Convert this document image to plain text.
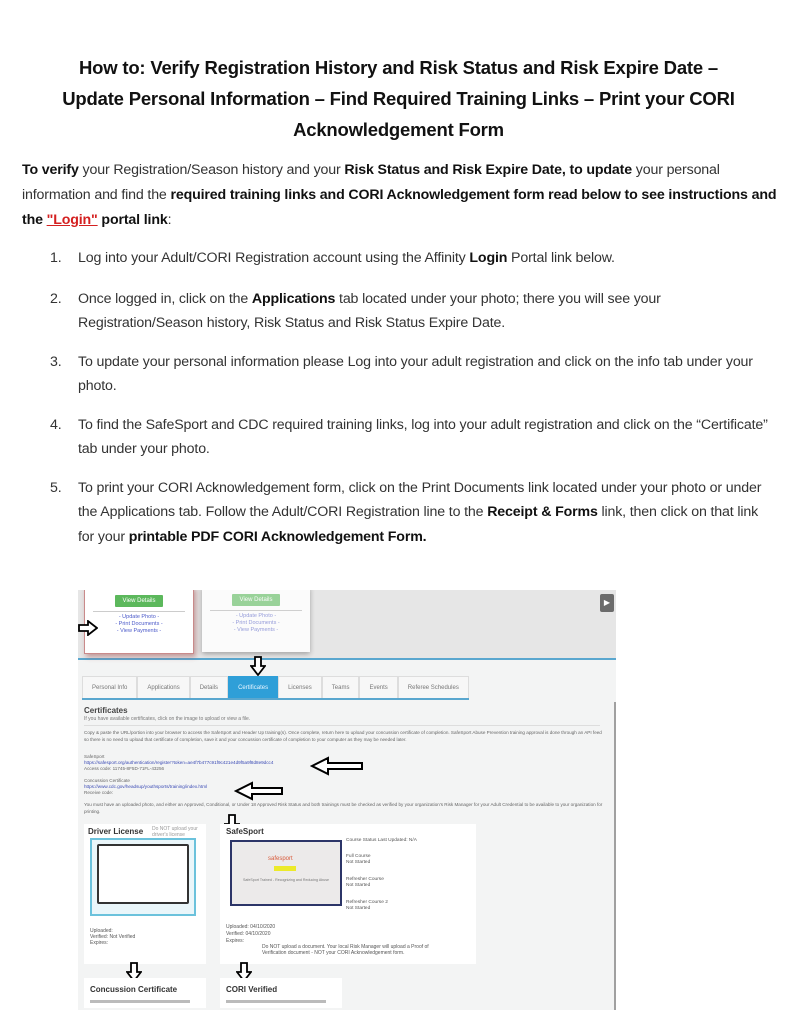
How to: Verify Registration History and Risk Status and Risk Expire Date –
Update Personal Information – Find Required Training Links – Print your CORI
Acknowledgement Form
To verify your Registration/Season history and your Risk Status and Risk Expire Date, to update your personal information and find the required training links and CORI Acknowledgement form read below to see instructions and the "Login" portal link:
1. Log into your Adult/CORI Registration account using the Affinity Login Portal link below.
2. Once logged in, click on the Applications tab located under your photo; there you will see your Registration/Season history, Risk Status and Risk Status Expire Date.
3. To update your personal information please Log into your adult registration and click on the info tab under your photo.
4. To find the SafeSport and CDC required training links, log into your adult registration and click on the “Certificate” tab under your photo.
5. To print your CORI Acknowledgement form, click on the Print Documents link located under your photo or under the Applications tab. Follow the Adult/CORI Registration line to the Receipt & Forms link, then click on that link for your printable PDF CORI Acknowledgement Form.
View Details
- Update Photo -
- Print Documents -
- View Payments -
View Details
- Update Photo -
- Print Documents -
- View Payments -
▶
Personal Info	Applications	Details	Certificates	Licenses	Teams	Events	Referee Schedules
Certificates
If you have available certificates, click on the image to upload or view a file.
Copy & paste the URL/portion into your browser to access the SafeSport and Header Up training(s). Once complete, return here to upload your concussion certificate of completion. SafeSport Abuse Prevention training approval is done through an API feed so there is no need to upload that certificate of completion, save it and your concussion certificate of completion to your computer as they may be needed later.
SafeSport
https://safesport.org/authentication/register?token=ae4f7b477c91f9c421e4d9f5a9f8d8e9dcc4
Access code: 11745-8F5D-71FL-43256
Concussion Certificate
https://www.cdc.gov/headsup/youthsports/training/index.html
Receive code:
You must have an uploaded photo, and either an Approved, Conditional, or Under 18 Approved Risk Status and both trainings must be checked as verified by your organization's Risk Manager for your Adult Credential to be available to your organization for printing.
Driver License Do NOT upload your driver's license
Uploaded:
Verified: Not Verified
Expires:
SafeSport
safesport
SafeSport Trained - Recognizing and Reducing Abuse
Uploaded: 04/10/2020
Verified: 04/10/2020
Expires:
Course Status Last Updated: N/A
Full Course
Not Started
Refresher Course
Not Started
Refresher Course 2
Not Started
Do NOT upload a document. Your local Risk Manager will upload a Proof of Verification document - NOT your CORI Acknowledgement form.
Concussion Certificate	CORI Verified
